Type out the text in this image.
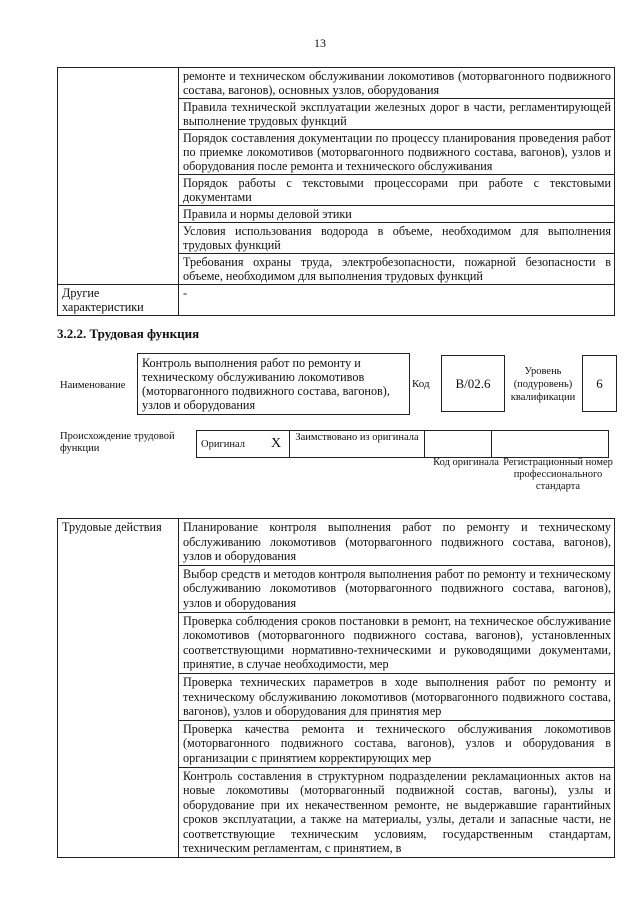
13
	ремонте и техническом обслуживании локомотивов (моторвагонного подвижного состава, вагонов), основных узлов, оборудования
	Правила технической эксплуатации железных дорог в части, регламентирующей выполнение трудовых функций
	Порядок составления документации по процессу планирования проведения работ по приемке локомотивов (моторвагонного подвижного состава, вагонов), узлов и оборудования после ремонта и технического обслуживания
	Порядок работы с текстовыми процессорами при работе с текстовыми документами
	Правила и нормы деловой этики
	Условия использования водорода в объеме, необходимом для выполнения трудовых функций
	Требования охраны труда, электробезопасности, пожарной безопасности в объеме, необходимом для выполнения трудовых функций
Другие характеристики	-
3.2.2. Трудовая функция
Наименование
Контроль выполнения работ по ремонту и техническому обслуживанию локомотивов (моторвагонного подвижного состава, вагонов), узлов и оборудования
Код	B/02.6
Уровень (подуровень) квалификации
6
Происхождение трудовой функции	Оригинал	X	Заимствовано из оригинала		
Код оригинала Регистрационный номер профессионального стандарта
Трудовые действия	Планирование контроля выполнения работ по ремонту и техническому обслуживанию локомотивов (моторвагонного подвижного состава, вагонов), узлов и оборудования
Выбор средств и методов контроля выполнения работ по ремонту и техническому обслуживанию локомотивов (моторвагонного подвижного состава, вагонов), узлов и оборудования
Проверка соблюдения сроков постановки в ремонт, на техническое обслуживание локомотивов (моторвагонного подвижного состава, вагонов), установленных соответствующими нормативно-техническими и руководящими документами, принятие, в случае необходимости, мер
Проверка технических параметров в ходе выполнения работ по ремонту и техническому обслуживанию локомотивов (моторвагонного подвижного состава, вагонов), узлов и оборудования для принятия мер
Проверка качества ремонта и технического обслуживания локомотивов (моторвагонного подвижного состава, вагонов), узлов и оборудования в организации с принятием корректирующих мер
Контроль составления в структурном подразделении рекламационных актов на новые локомотивы (моторвагонный подвижной состав, вагоны), узлы и оборудование при их некачественном ремонте, не выдержавшие гарантийных сроков эксплуатации, а также на материалы, узлы, детали и запасные части, не соответствующие техническим условиям, государственным стандартам, техническим регламентам, с принятием, в
